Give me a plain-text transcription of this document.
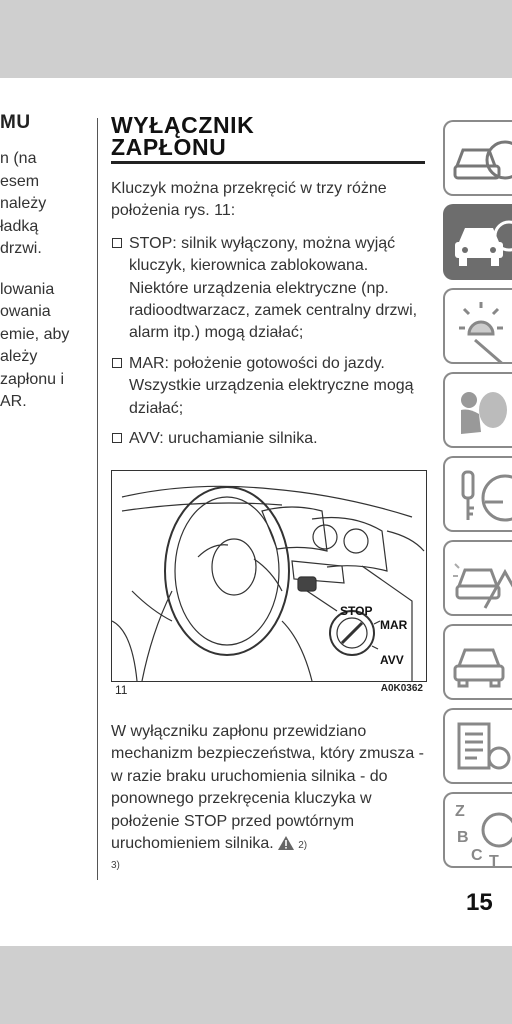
MU
n (na
esem
należy
ładką
drzwi.
lowania
owania
emie, aby
ależy
zapłonu i
AR.
WYŁĄCZNIK
ZAPŁONU

Kluczyk można przekręcić w trzy różne położenia rys. 11:

STOP: silnik wyłączony, można wyjąć kluczyk, kierownica zablokowana. Niektóre urządzenia elektryczne (np. radioodtwarzacz, zamek centralny drzwi, alarm itp.) mogą działać;
MAR: położenie gotowości do jazdy. Wszystkie urządzenia elektryczne mogą działać;
AVV: uruchamianie silnika.
STOP
MAR
AVV
11	A0K0362
W wyłączniku zapłonu przewidziano mechanizm bezpieczeństwa, który zmusza - w razie braku uruchomienia silnika - do ponownego przekręcenia kluczyka w położenie STOP przed powtórnym uruchomieniem silnika. 2)
3)
Z
B
C T
15
